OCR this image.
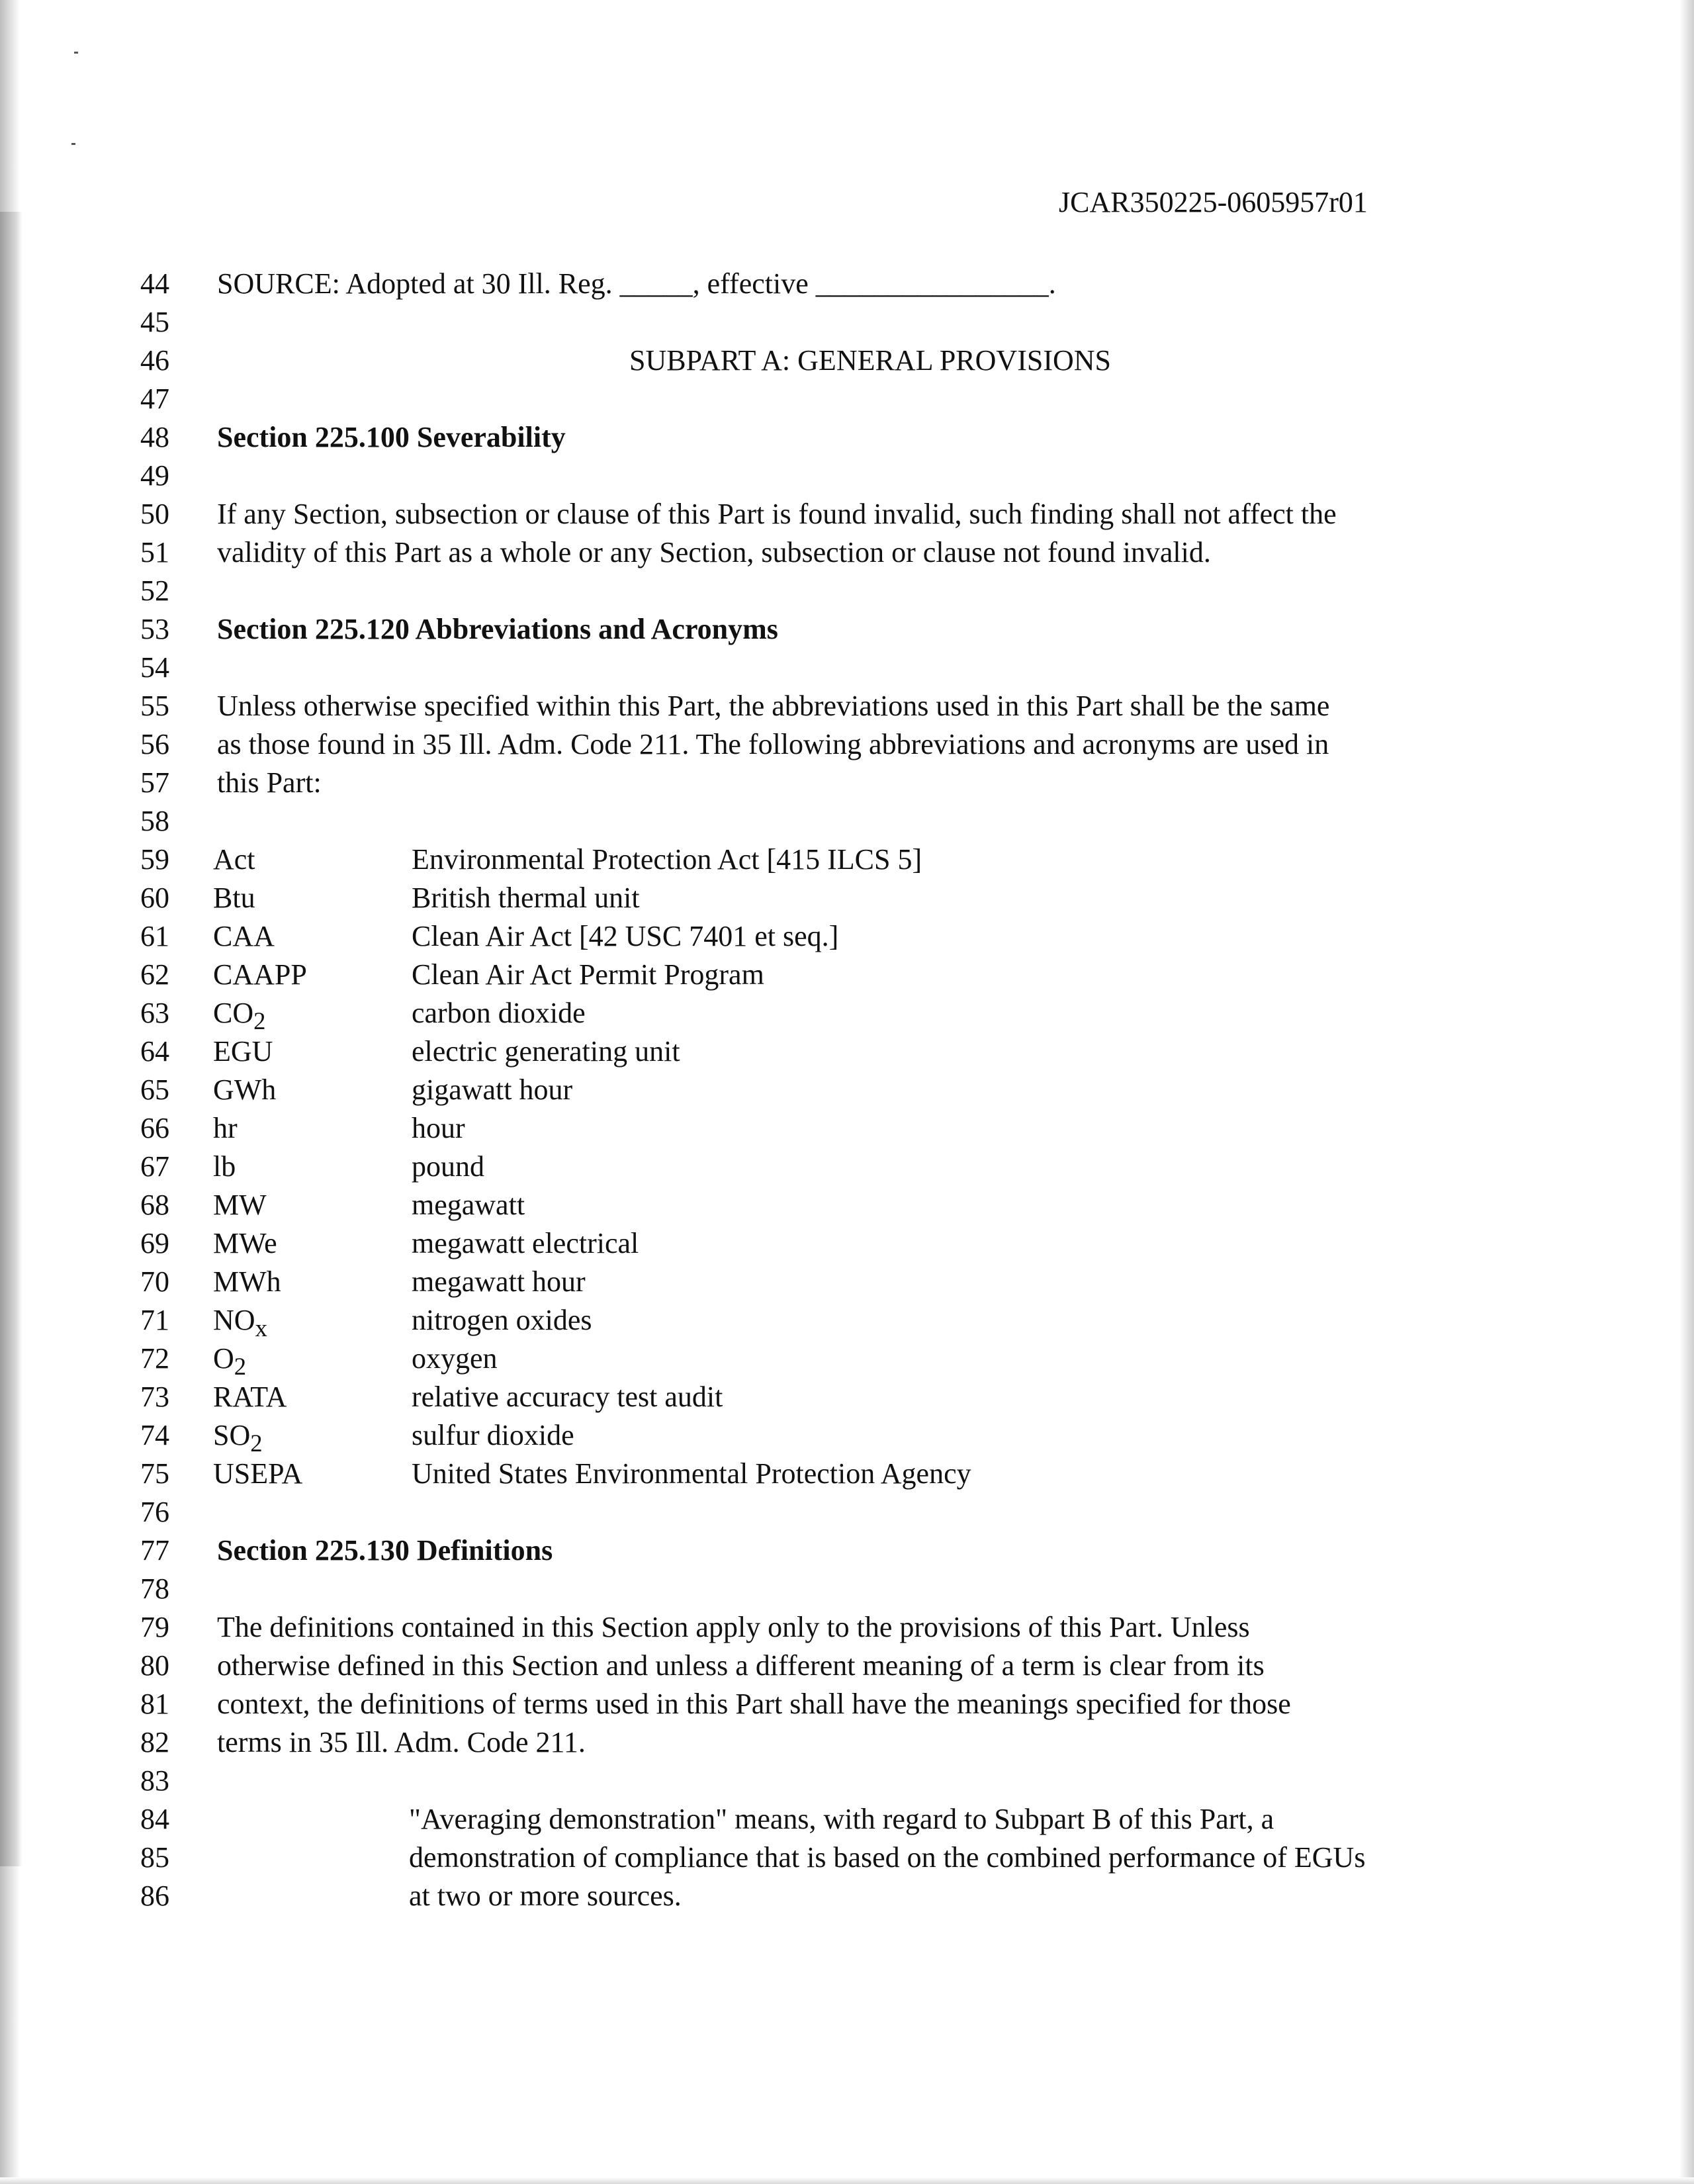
JCAR350225-0605957r01
44 SOURCE: Adopted at 30 Ill. Reg. _____, effective ________________.
45
46	SUBPART A: GENERAL PROVISIONS
47
48 Section 225.100 Severability
49
50 If any Section, subsection or clause of this Part is found invalid, such finding shall not affect the
51 validity of this Part as a whole or any Section, subsection or clause not found invalid.
52
53 Section 225.120 Abbreviations and Acronyms
54
55 Unless otherwise specified within this Part, the abbreviations used in this Part shall be the same
56 as those found in 35 Ill. Adm. Code 211. The following abbreviations and acronyms are used in
57 this Part:
58
59 Act	Environmental Protection Act [415 ILCS 5]
60 Btu	British thermal unit
61 CAA	Clean Air Act [42 USC 7401 et seq.]
62 CAAPP	Clean Air Act Permit Program
63 $CO_2$	carbon dioxide
64 EGU	electric generating unit
65 GWh	gigawatt hour
66 hr	hour
67 lb	pound
68 MW	megawatt
69 MWe	megawatt electrical
70 MWh	megawatt hour
71 $NO_x$	nitrogen oxides
72 $O_2$	oxygen
73 RATA	relative accuracy test audit
74 $SO_2$	sulfur dioxide
75 USEPA	United States Environmental Protection Agency
76
77 Section 225.130 Definitions
78
79 The definitions contained in this Section apply only to the provisions of this Part. Unless
80 otherwise defined in this Section and unless a different meaning of a term is clear from its
81 context, the definitions of terms used in this Part shall have the meanings specified for those
82 terms in 35 Ill. Adm. Code 211.
83
84	"Averaging demonstration" means, with regard to Subpart B of this Part, a
85	demonstration of compliance that is based on the combined performance of EGUs
86	at two or more sources.
